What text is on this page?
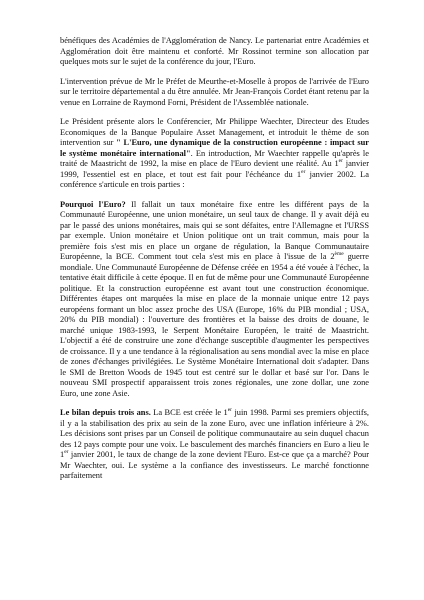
bénéfiques des Académies de l'Agglomération de Nancy. Le partenariat entre Académies et Agglomération doit être maintenu et conforté. Mr Rossinot termine son allocation par quelques mots sur le sujet de la conférence du jour, l'Euro.

L'intervention prévue de Mr le Préfet de Meurthe-et-Moselle à propos de l'arrivée de l'Euro sur le territoire départemental a du être annulée. Mr Jean-François Cordet étant retenu par la venue en Lorraine de Raymond Forni, Président de l'Assemblée nationale.

Le Président présente alors le Conférencier, Mr Philippe Waechter, Directeur des Etudes Economiques de la Banque Populaire Asset Management, et introduit le thème de son intervention sur " L'Euro, une dynamique de la construction européenne : impact sur le système monétaire international". En introduction, Mr Waechter rappelle qu'après le traité de Maastricht de 1992, la mise en place de l'Euro devient une réalité. Au 1er janvier 1999, l'essentiel est en place, et tout est fait pour l'échéance du 1er janvier 2002. La conférence s'articule en trois parties :

Pourquoi l'Euro? Il fallait un taux monétaire fixe entre les différent pays de la Communauté Européenne, une union monétaire, un seul taux de change. Il y avait déjà eu par le passé des unions monétaires, mais qui se sont défaites, entre l'Allemagne et l'URSS par exemple. Union monétaire et Union politique ont un trait commun, mais pour la première fois s'est mis en place un organe de régulation, la Banque Communautaire Européenne, la BCE. Comment tout cela s'est mis en place à l'issue de la 2ème guerre mondiale. Une Communauté Européenne de Défense créée en 1954 a été vouée à l'échec, la tentative était difficile à cette époque. Il en fut de même pour une Communauté Européenne politique. Et la construction européenne est avant tout une construction économique. Différentes étapes ont marquées la mise en place de la monnaie unique entre 12 pays européens formant un bloc assez proche des USA (Europe, 16% du PIB mondial ; USA, 20% du PIB mondial) : l'ouverture des frontières et la baisse des droits de douane, le marché unique 1983-1993, le Serpent Monétaire Européen, le traité de Maastricht. L'objectif a été de construire une zone d'échange susceptible d'augmenter les perspectives de croissance. Il y a une tendance à la régionalisation au sens mondial avec la mise en place de zones d'échanges privilégiées. Le Système Monétaire International doit s'adapter. Dans le SMI de Bretton Woods de 1945 tout est centré sur le dollar et basé sur l'or. Dans le nouveau SMI prospectif apparaissent trois zones régionales, une zone dollar, une zone Euro, une zone Asie.

Le bilan depuis trois ans. La BCE est créée le 1er juin 1998. Parmi ses premiers objectifs, il y a la stabilisation des prix au sein de la zone Euro, avec une inflation inférieure à 2%. Les décisions sont prises par un Conseil de politique communautaire au sein duquel chacun des 12 pays compte pour une voix. Le basculement des marchés financiers en Euro a lieu le 1er janvier 2001, le taux de change de la zone devient l'Euro. Est-ce que ça a marché? Pour Mr Waechter, oui. Le système a la confiance des investisseurs. Le marché fonctionne parfaitement
